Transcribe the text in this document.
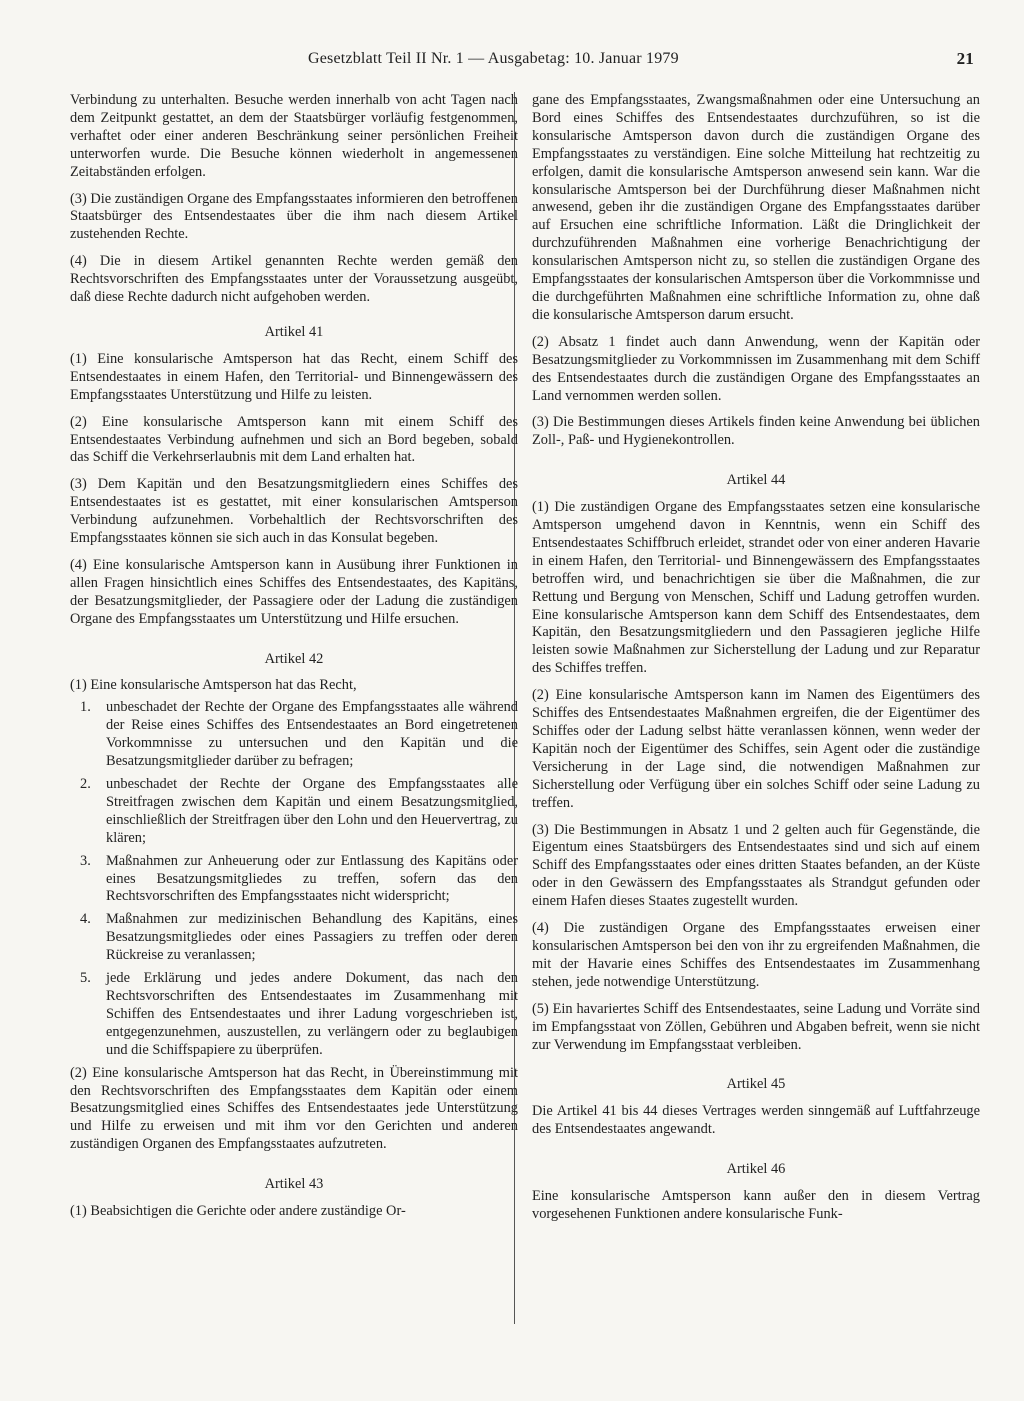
Gesetzblatt Teil II Nr. 1 — Ausgabetag: 10. Januar 1979	21

Verbindung zu unterhalten. Besuche werden innerhalb von acht Tagen nach dem Zeitpunkt gestattet, an dem der Staatsbürger vorläufig festgenommen, verhaftet oder einer anderen Beschränkung seiner persönlichen Freiheit unterworfen wurde. Die Besuche können wiederholt in angemessenen Zeitabständen erfolgen.

(3) Die zuständigen Organe des Empfangsstaates informieren den betroffenen Staatsbürger des Entsendestaates über die ihm nach diesem Artikel zustehenden Rechte.

(4) Die in diesem Artikel genannten Rechte werden gemäß den Rechtsvorschriften des Empfangsstaates unter der Voraussetzung ausgeübt, daß diese Rechte dadurch nicht aufgehoben werden.

Artikel 41

(1) Eine konsularische Amtsperson hat das Recht, einem Schiff des Entsendestaates in einem Hafen, den Territorial- und Binnengewässern des Empfangsstaates Unterstützung und Hilfe zu leisten.

(2) Eine konsularische Amtsperson kann mit einem Schiff des Entsendestaates Verbindung aufnehmen und sich an Bord begeben, sobald das Schiff die Verkehrserlaubnis mit dem Land erhalten hat.

(3) Dem Kapitän und den Besatzungsmitgliedern eines Schiffes des Entsendestaates ist es gestattet, mit einer konsularischen Amtsperson Verbindung aufzunehmen. Vorbehaltlich der Rechtsvorschriften des Empfangsstaates können sie sich auch in das Konsulat begeben.

(4) Eine konsularische Amtsperson kann in Ausübung ihrer Funktionen in allen Fragen hinsichtlich eines Schiffes des Entsendestaates, des Kapitäns, der Besatzungsmitglieder, der Passagiere oder der Ladung die zuständigen Organe des Empfangsstaates um Unterstützung und Hilfe ersuchen.

Artikel 42

(1) Eine konsularische Amtsperson hat das Recht,

1. unbeschadet der Rechte der Organe des Empfangsstaates alle während der Reise eines Schiffes des Entsendestaates an Bord eingetretenen Vorkommnisse zu untersuchen und den Kapitän und die Besatzungsmitglieder darüber zu befragen;
2. unbeschadet der Rechte der Organe des Empfangsstaates alle Streitfragen zwischen dem Kapitän und einem Besatzungsmitglied, einschließlich der Streitfragen über den Lohn und den Heuervertrag, zu klären;
3. Maßnahmen zur Anheuerung oder zur Entlassung des Kapitäns oder eines Besatzungsmitgliedes zu treffen, sofern das den Rechtsvorschriften des Empfangsstaates nicht widerspricht;
4. Maßnahmen zur medizinischen Behandlung des Kapitäns, eines Besatzungsmitgliedes oder eines Passagiers zu treffen oder deren Rückreise zu veranlassen;
5. jede Erklärung und jedes andere Dokument, das nach den Rechtsvorschriften des Entsendestaates im Zusammenhang mit Schiffen des Entsendestaates und ihrer Ladung vorgeschrieben ist, entgegenzunehmen, auszustellen, zu verlängern oder zu beglaubigen und die Schiffspapiere zu überprüfen.

(2) Eine konsularische Amtsperson hat das Recht, in Übereinstimmung mit den Rechtsvorschriften des Empfangsstaates dem Kapitän oder einem Besatzungsmitglied eines Schiffes des Entsendestaates jede Unterstützung und Hilfe zu erweisen und mit ihm vor den Gerichten und anderen zuständigen Organen des Empfangsstaates aufzutreten.

Artikel 43

(1) Beabsichtigen die Gerichte oder andere zuständige Or-

gane des Empfangsstaates, Zwangsmaßnahmen oder eine Untersuchung an Bord eines Schiffes des Entsendestaates durchzuführen, so ist die konsularische Amtsperson davon durch die zuständigen Organe des Empfangsstaates zu verständigen. Eine solche Mitteilung hat rechtzeitig zu erfolgen, damit die konsularische Amtsperson anwesend sein kann. War die konsularische Amtsperson bei der Durchführung dieser Maßnahmen nicht anwesend, geben ihr die zuständigen Organe des Empfangsstaates darüber auf Ersuchen eine schriftliche Information. Läßt die Dringlichkeit der durchzuführenden Maßnahmen eine vorherige Benachrichtigung der konsularischen Amtsperson nicht zu, so stellen die zuständigen Organe des Empfangsstaates der konsularischen Amtsperson über die Vorkommnisse und die durchgeführten Maßnahmen eine schriftliche Information zu, ohne daß die konsularische Amtsperson darum ersucht.

(2) Absatz 1 findet auch dann Anwendung, wenn der Kapitän oder Besatzungsmitglieder zu Vorkommnissen im Zusammenhang mit dem Schiff des Entsendestaates durch die zuständigen Organe des Empfangsstaates an Land vernommen werden sollen.

(3) Die Bestimmungen dieses Artikels finden keine Anwendung bei üblichen Zoll-, Paß- und Hygienekontrollen.

Artikel 44

(1) Die zuständigen Organe des Empfangsstaates setzen eine konsularische Amtsperson umgehend davon in Kenntnis, wenn ein Schiff des Entsendestaates Schiffbruch erleidet, strandet oder von einer anderen Havarie in einem Hafen, den Territorial- und Binnengewässern des Empfangsstaates betroffen wird, und benachrichtigen sie über die Maßnahmen, die zur Rettung und Bergung von Menschen, Schiff und Ladung getroffen wurden. Eine konsularische Amtsperson kann dem Schiff des Entsendestaates, dem Kapitän, den Besatzungsmitgliedern und den Passagieren jegliche Hilfe leisten sowie Maßnahmen zur Sicherstellung der Ladung und zur Reparatur des Schiffes treffen.

(2) Eine konsularische Amtsperson kann im Namen des Eigentümers des Schiffes des Entsendestaates Maßnahmen ergreifen, die der Eigentümer des Schiffes oder der Ladung selbst hätte veranlassen können, wenn weder der Kapitän noch der Eigentümer des Schiffes, sein Agent oder die zuständige Versicherung in der Lage sind, die notwendigen Maßnahmen zur Sicherstellung oder Verfügung über ein solches Schiff oder seine Ladung zu treffen.

(3) Die Bestimmungen in Absatz 1 und 2 gelten auch für Gegenstände, die Eigentum eines Staatsbürgers des Entsendestaates sind und sich auf einem Schiff des Empfangsstaates oder eines dritten Staates befanden, an der Küste oder in den Gewässern des Empfangsstaates als Strandgut gefunden oder einem Hafen dieses Staates zugestellt wurden.

(4) Die zuständigen Organe des Empfangsstaates erweisen einer konsularischen Amtsperson bei den von ihr zu ergreifenden Maßnahmen, die mit der Havarie eines Schiffes des Entsendestaates im Zusammenhang stehen, jede notwendige Unterstützung.

(5) Ein havariertes Schiff des Entsendestaates, seine Ladung und Vorräte sind im Empfangsstaat von Zöllen, Gebühren und Abgaben befreit, wenn sie nicht zur Verwendung im Empfangsstaat verbleiben.

Artikel 45

Die Artikel 41 bis 44 dieses Vertrages werden sinngemäß auf Luftfahrzeuge des Entsendestaates angewandt.

Artikel 46

Eine konsularische Amtsperson kann außer den in diesem Vertrag vorgesehenen Funktionen andere konsularische Funk-
